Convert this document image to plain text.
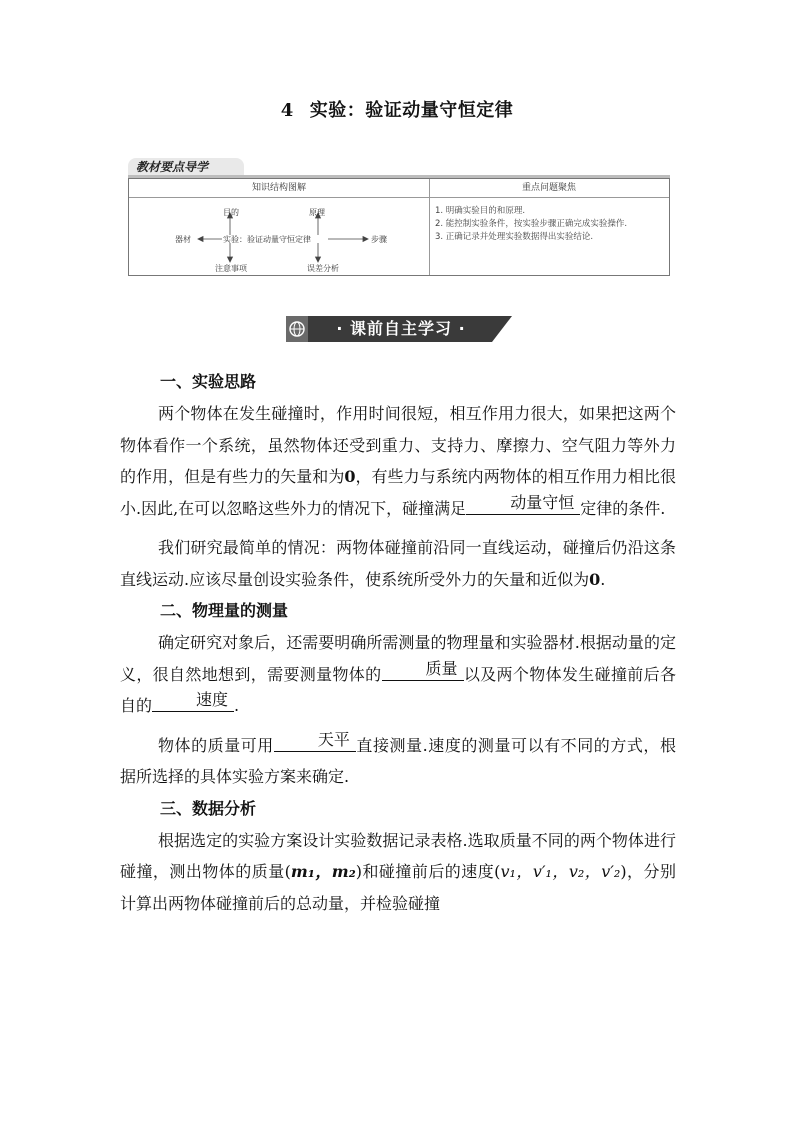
4 实验：验证动量守恒定律
教材要点导学
知识结构图解	重点问题聚焦
目的	原理
器材	实验：验证动量守恒定律	步骤
注意事项	误差分析
1. 明确实验目的和原理.
2. 能控制实验条件，按实验步骤正确完成实验操作.
3. 正确记录并处理实验数据得出实验结论.
· 课前自主学习 ·
一、实验思路

两个物体在发生碰撞时，作用时间很短，相互作用力很大，如果把这两个物体看作一个系统，虽然物体还受到重力、支持力、摩擦力、空气阻力等外力的作用，但是有些力的矢量和为0，有些力与系统内两物体的相互作用力相比很小.因此,在可以忽略这些外力的情况下，碰撞满足	动量守恒 定律的条件.

我们研究最简单的情况：两物体碰撞前沿同一直线运动，碰撞后仍沿这条直线运动.应该尽量创设实验条件，使系统所受外力的矢量和近似为0.

二、物理量的测量

确定研究对象后，还需要明确所需测量的物理量和实验器材.根据动量的定义，很自然地想到，需要测量物体的	质量 以及两个物体发生碰撞前后各自的	速度 .

物体的质量可用	天平 直接测量.速度的测量可以有不同的方式，根据所选择的具体实验方案来确定.

三、数据分析

根据选定的实验方案设计实验数据记录表格.选取质量不同的两个物体进行碰撞，测出物体的质量(m₁，m₂)和碰撞前后的速度(v₁，v′₁，v₂，v′₂)，分别计算出两物体碰撞前后的总动量，并检验碰撞
